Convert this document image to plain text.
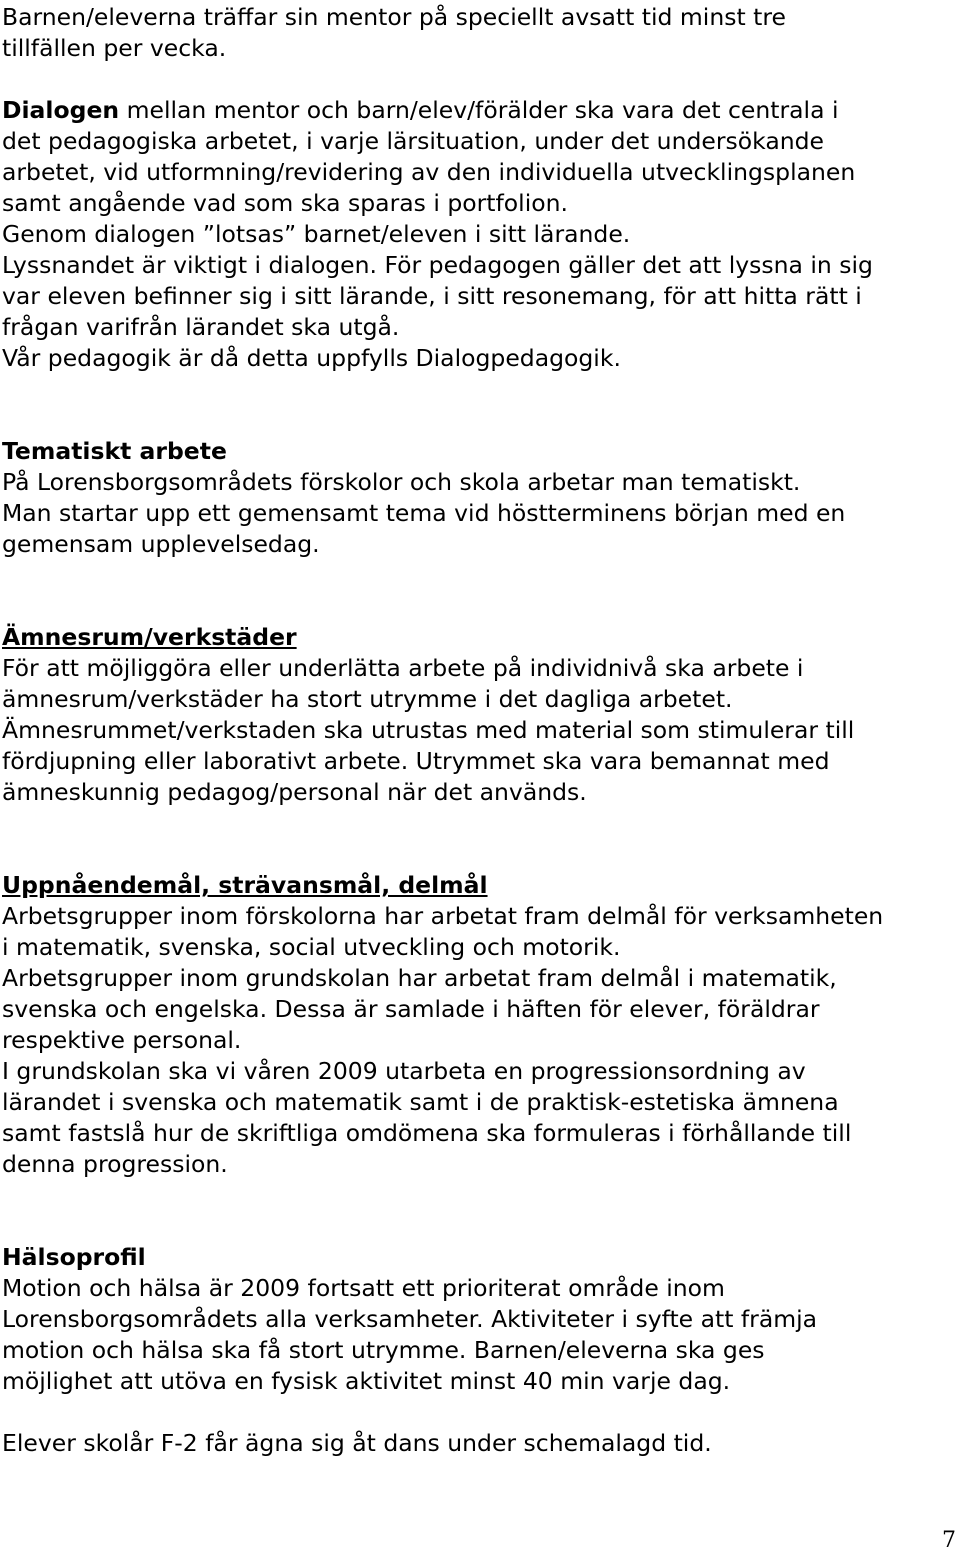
Barnen/eleverna träffar sin mentor på speciellt avsatt tid minst tre
tillfällen per vecka.

Dialogen mellan mentor och barn/elev/förälder ska vara det centrala i
det pedagogiska arbetet, i varje lärsituation, under det undersökande
arbetet, vid utformning/revidering av den individuella utvecklingsplanen
samt angående vad som ska sparas i portfolion.
Genom dialogen ”lotsas” barnet/eleven i sitt lärande.
Lyssnandet är viktigt i dialogen. För pedagogen gäller det att lyssna in sig
var eleven befinner sig i sitt lärande, i sitt resonemang, för att hitta rätt i
frågan varifrån lärandet ska utgå.
Vår pedagogik är då detta uppfylls Dialogpedagogik.

Tematiskt arbete

På Lorensborgsområdets förskolor och skola arbetar man tematiskt.
Man startar upp ett gemensamt tema vid höstterminens början med en
gemensam upplevelsedag.

Ämnesrum/verkstäder

För att möjliggöra eller underlätta arbete på individnivå ska arbete i
ämnesrum/verkstäder ha stort utrymme i det dagliga arbetet.
Ämnesrummet/verkstaden ska utrustas med material som stimulerar till
fördjupning eller laborativt arbete. Utrymmet ska vara bemannat med
ämneskunnig pedagog/personal när det används.

Uppnåendemål, strävansmål, delmål

Arbetsgrupper inom förskolorna har arbetat fram delmål för verksamheten
i matematik, svenska, social utveckling och motorik.
Arbetsgrupper inom grundskolan har arbetat fram delmål i matematik,
svenska och engelska. Dessa är samlade i häften för elever, föräldrar
respektive personal.
I grundskolan ska vi våren 2009 utarbeta en progressionsordning av
lärandet i svenska och matematik samt i de praktisk-estetiska ämnena
samt fastslå hur de skriftliga omdömena ska formuleras i förhållande till
denna progression.

Hälsoprofil

Motion och hälsa är 2009 fortsatt ett prioriterat område inom
Lorensborgsområdets alla verksamheter. Aktiviteter i syfte att främja
motion och hälsa ska få stort utrymme. Barnen/eleverna ska ges
möjlighet att utöva en fysisk aktivitet minst 40 min varje dag.

Elever skolår F-2 får ägna sig åt dans under schemalagd tid.

7
